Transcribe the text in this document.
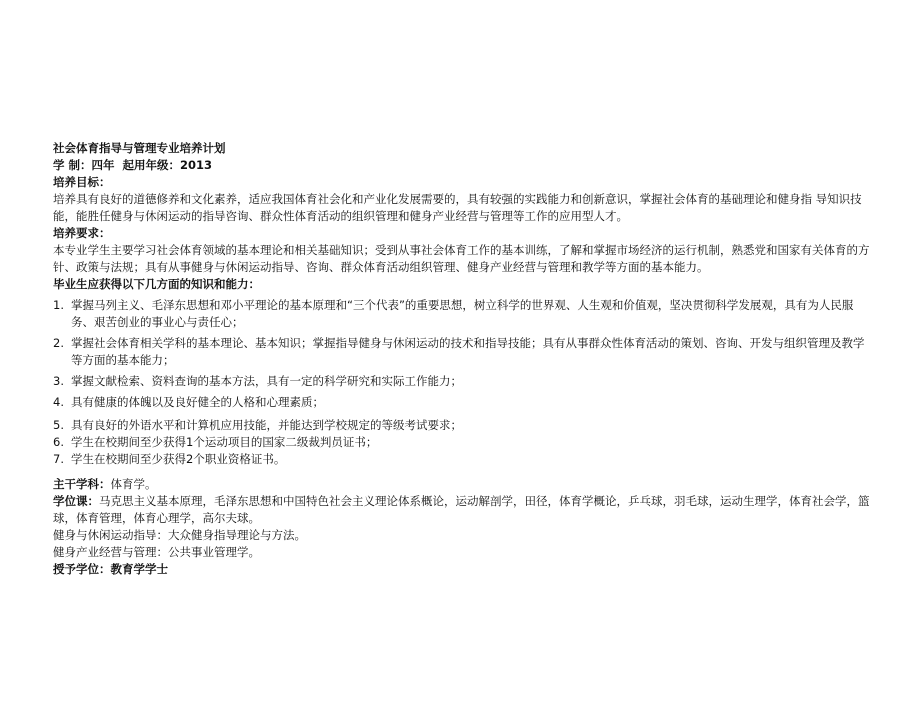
社会体育指导与管理专业培养计划
学 制：四年 起用年级：2013
培养目标：
培养具有良好的道德修养和文化素养，适应我国体育社会化和产业化发展需要的，具有较强的实践能力和创新意识，掌握社会体育的基础理论和健身指 导知识技能，能胜任健身与休闲运动的指导咨询、群众性体育活动的组织管理和健身产业经营与管理等工作的应用型人才。
培养要求：
本专业学生主要学习社会体育领域的基本理论和相关基础知识；受到从事社会体育工作的基本训练，了解和掌握市场经济的运行机制，熟悉党和国家有关体育的方针、政策与法规；具有从事健身与休闲运动指导、咨询、群众体育活动组织管理、健身产业经营与管理和教学等方面的基本能力。
毕业生应获得以下几方面的知识和能力：
1. 掌握马列主义、毛泽东思想和邓小平理论的基本原理和“三个代表”的重要思想，树立科学的世界观、人生观和价值观，坚决贯彻科学发展观，具有为人民服务、艰苦创业的事业心与责任心；
2. 掌握社会体育相关学科的基本理论、基本知识；掌握指导健身与休闲运动的技术和指导技能；具有从事群众性体育活动的策划、咨询、开发与组织管理及教学等方面的基本能力；
3. 掌握文献检索、资料查询的基本方法，具有一定的科学研究和实际工作能力；
4. 具有健康的体魄以及良好健全的人格和心理素质；
5. 具有良好的外语水平和计算机应用技能，并能达到学校规定的等级考试要求；
6. 学生在校期间至少获得1个运动项目的国家二级裁判员证书；
7. 学生在校期间至少获得2个职业资格证书。
主干学科：体育学。
学位课：马克思主义基本原理，毛泽东思想和中国特色社会主义理论体系概论，运动解剖学，田径，体育学概论，乒乓球，羽毛球，运动生理学，体育社会学，篮球，体育管理，体育心理学，高尔夫球。
健身与休闲运动指导：大众健身指导理论与方法。
健身产业经营与管理：公共事业管理学。
授予学位：教育学学士
